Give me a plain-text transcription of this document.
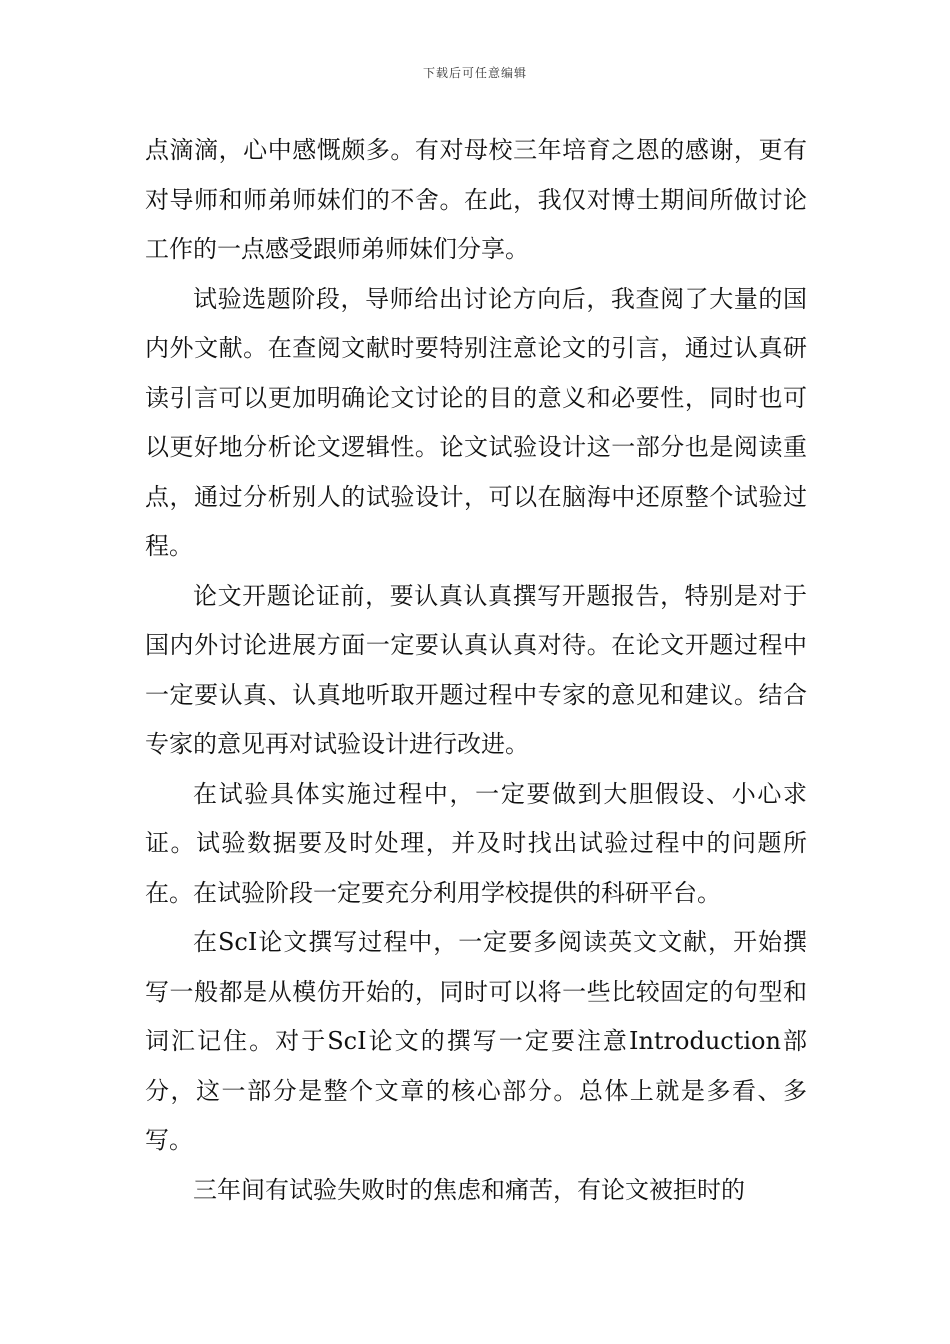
下载后可任意编辑

点滴滴，心中感慨颇多。有对母校三年培育之恩的感谢，更有对导师和师弟师妹们的不舍。在此，我仅对博士期间所做讨论工作的一点感受跟师弟师妹们分享。

试验选题阶段，导师给出讨论方向后，我查阅了大量的国内外文献。在查阅文献时要特别注意论文的引言，通过认真研读引言可以更加明确论文讨论的目的意义和必要性，同时也可以更好地分析论文逻辑性。论文试验设计这一部分也是阅读重点，通过分析别人的试验设计，可以在脑海中还原整个试验过程。

论文开题论证前，要认真认真撰写开题报告，特别是对于国内外讨论进展方面一定要认真认真对待。在论文开题过程中一定要认真、认真地听取开题过程中专家的意见和建议。结合专家的意见再对试验设计进行改进。

在试验具体实施过程中，一定要做到大胆假设、小心求证。试验数据要及时处理，并及时找出试验过程中的问题所在。在试验阶段一定要充分利用学校提供的科研平台。

在ScI论文撰写过程中，一定要多阅读英文文献，开始撰写一般都是从模仿开始的，同时可以将一些比较固定的句型和词汇记住。对于ScI论文的撰写一定要注意Introduction部分，这一部分是整个文章的核心部分。总体上就是多看、多写。

三年间有试验失败时的焦虑和痛苦，有论文被拒时的
